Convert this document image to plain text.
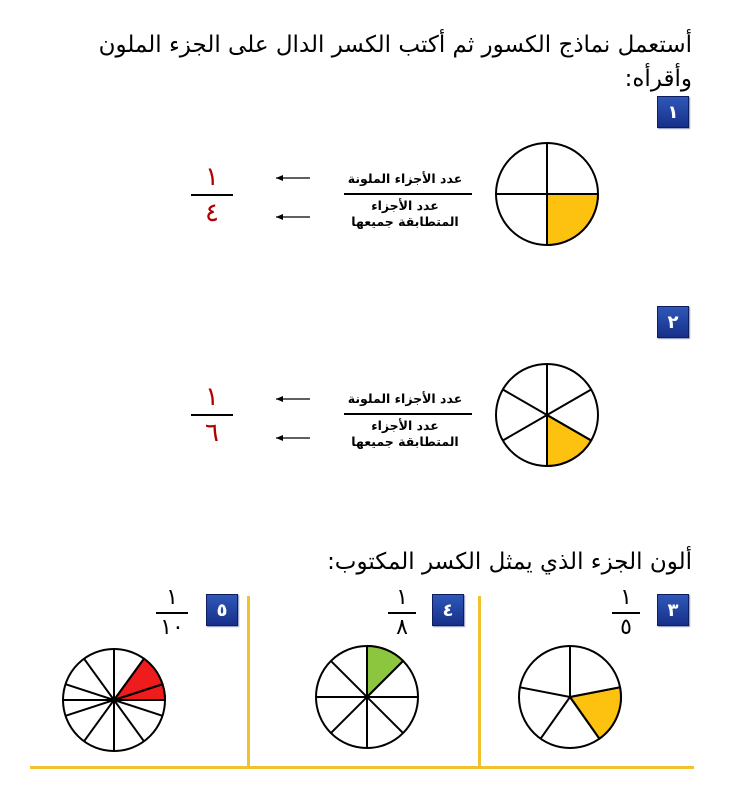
أستعمل نماذج الكسور ثم أكتب الكسر الدال على الجزء الملون
وأقرأه:
١
عدد الأجزاء الملونة
عدد الأجزاء
المتطابقة جميعها
١
٤
٢
عدد الأجزاء الملونة
عدد الأجزاء
المتطابقة جميعها
١
٦
ألون الجزء الذي يمثل الكسر المكتوب:
٣
١
٥
٤
١
٨
٥
١
١٠
